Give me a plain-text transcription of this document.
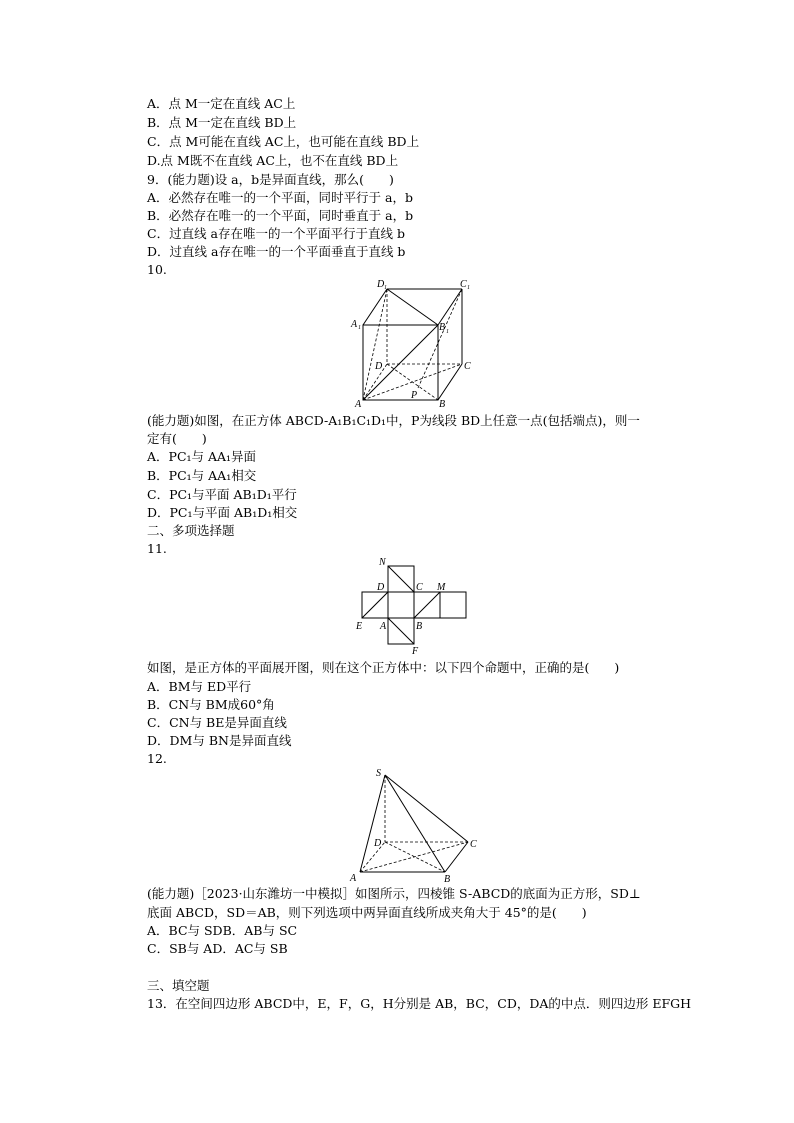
A．点 M一定在直线 AC上
B．点 M一定在直线 BD上
C．点 M可能在直线 AC上，也可能在直线 BD上
D.点 M既不在直线 AC上，也不在直线 BD上
9．(能力题)设 a，b是异面直线，那么(　　)
A．必然存在唯一的一个平面，同时平行于 a，b
B．必然存在唯一的一个平面，同时垂直于 a，b
C．过直线 a存在唯一的一个平面平行于直线 b
D．过直线 a存在唯一的一个平面垂直于直线 b
10.
D 1	C 1
A 1	B 1
D	C
A	B
P
(能力题)如图，在正方体 ABCD-A₁B₁C₁D₁中，P为线段 BD上任意一点(包括端点)，则一
定有(　　)
A．PC₁与 AA₁异面
B．PC₁与 AA₁相交
C．PC₁与平面 AB₁D₁平行
D．PC₁与平面 AB₁D₁相交
二、多项选择题
11.
N
D	C M
E A	B
F
如图，是正方体的平面展开图，则在这个正方体中：以下四个命题中，正确的是(　　)
A．BM与 ED平行
B．CN与 BM成60°角
C．CN与 BE是异面直线
D．DM与 BN是异面直线
12.
S
D	C
A	B
(能力题)［2023·山东潍坊一中模拟］如图所示，四棱锥 S-ABCD的底面为正方形，SD⊥
底面 ABCD，SD＝AB，则下列选项中两异面直线所成夹角大于 45°的是(　　)
A．BC与 SDB．AB与 SC
C．SB与 AD．AC与 SB
三、填空题
13．在空间四边形 ABCD中，E，F，G，H分别是 AB，BC，CD，DA的中点．则四边形 EFGH
